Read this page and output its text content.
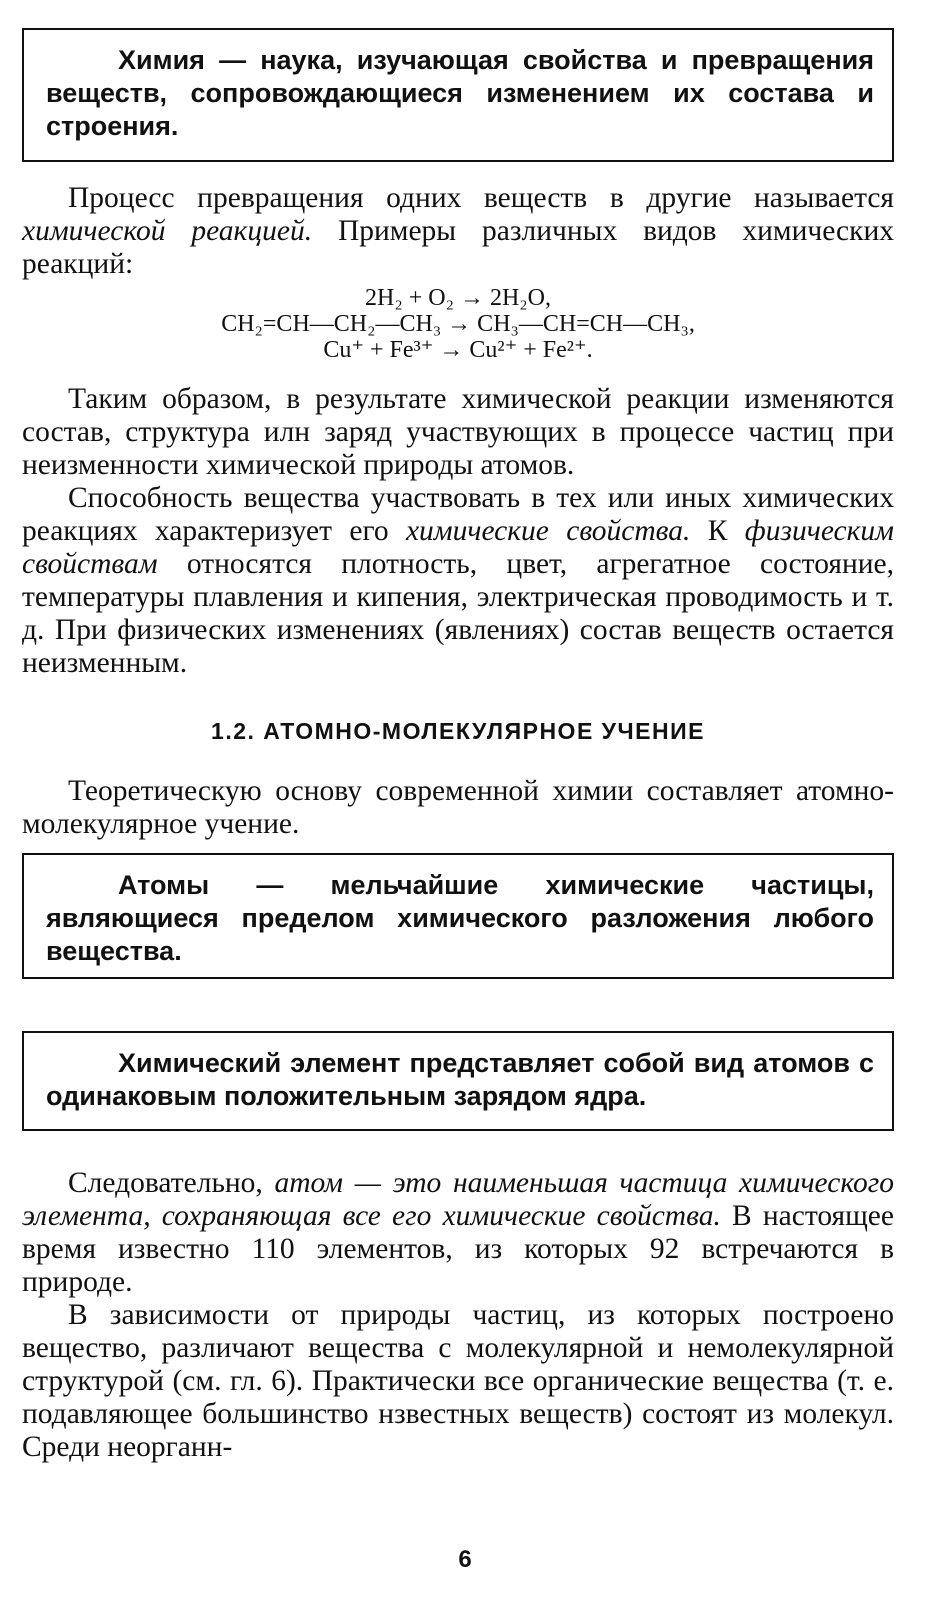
Химия — наука, изучающая свойства и превращения веществ, сопровождающиеся изменением их состава и строения.

Процесс превращения одних веществ в другие называется химической реакцией. Примеры различных видов химических реакций:

2H₂ + O₂ → 2H₂O,

CH₂=CH—CH₂—CH₃ → CH₃—CH=CH—CH₃,

Cu⁺ + Fe³⁺ → Cu²⁺ + Fe²⁺.

Таким образом, в результате химической реакции изменяются состав, структура илн заряд участвующих в процессе частиц при неизменности химической природы атомов.

Способность вещества участвовать в тех или иных химических реакциях характеризует его химические свойства. К физическим свойствам относятся плотность, цвет, агрегатное состояние, температуры плавления и кипения, электрическая проводимость и т. д. При физических изменениях (явлениях) состав веществ остается неизменным.

1.2. АТОМНО-МОЛЕКУЛЯРНОЕ УЧЕНИЕ

Теоретическую основу современной химии составляет атомно-молекулярное учение.

Атомы — мельчайшие химические частицы, являющиеся пределом химического разложения любого вещества.
Химический элемент представляет собой вид атомов с одинаковым положительным зарядом ядра.

Следовательно, атом — это наименьшая частица химического элемента, сохраняющая все его химические свойства. В настоящее время известно 110 элементов, из которых 92 встречаются в природе.

В зависимости от природы частиц, из которых построено вещество, различают вещества с молекулярной и немолекулярной структурой (см. гл. 6). Практически все органические вещества (т. е. подавляющее большинство нзвестных веществ) состоят из молекул. Среди неорганн-

6
